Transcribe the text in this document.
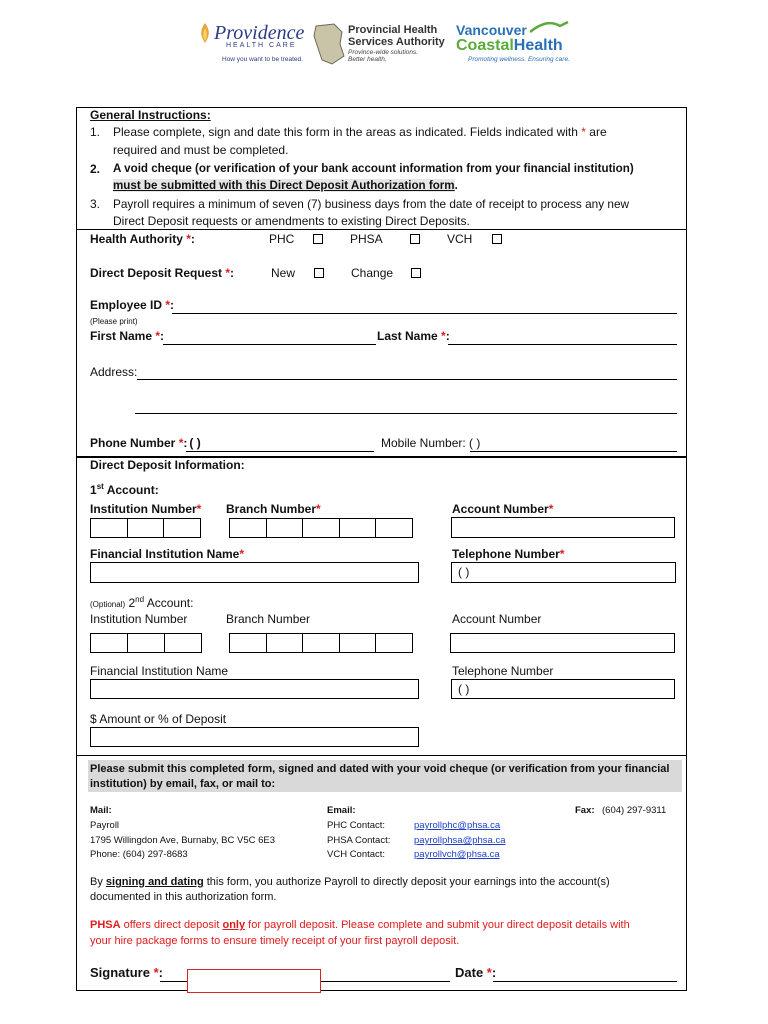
Providence
HEALTH CARE
How you want to be treated.
Provincial Health
Services Authority
Province-wide solutions.
Better health.
Vancouver
CoastalHealth
Promoting wellness. Ensuring care.
General Instructions:
1. Please complete, sign and date this form in the areas as indicated. Fields indicated with * are
required and must be completed.
2. A void cheque (or verification of your bank account information from your financial institution)
must be submitted with this Direct Deposit Authorization form.
3. Payroll requires a minimum of seven (7) business days from the date of receipt to process any new
Direct Deposit requests or amendments to existing Direct Deposits.
Health Authority *:	PHC	PHSA	VCH
Direct Deposit Request *:	New	Change
Employee ID *:
(Please print)
First Name *:	Last Name *:
Address:
Phone Number *: ( )	Mobile Number: ( )
Direct Deposit Information:
1st Account:
Institution Number* Branch Number*	Account Number*
Financial Institution Name*	Telephone Number*
( )
(Optional) 2nd Account:
Institution Number	Branch Number	Account Number
Financial Institution Name	Telephone Number
( )
$ Amount or % of Deposit
Please submit this completed form, signed and dated with your void cheque (or verification from your financial institution) by email, fax, or mail to:
Mail:
Payroll
1795 Willingdon Ave, Burnaby, BC V5C 6E3
Phone: (604) 297-8683
Email:
PHC Contact:	payrollphc@phsa.ca
PHSA Contact: payrollphsa@phsa.ca
VCH Contact:	payrollvch@phsa.ca
Fax: (604) 297-9311
By signing and dating this form, you authorize Payroll to directly deposit your earnings into the account(s)
documented in this authorization form.
PHSA offers direct deposit only for payroll deposit. Please complete and submit your direct deposit details with
your hire package forms to ensure timely receipt of your first payroll deposit.
Signature *:	Date *:
